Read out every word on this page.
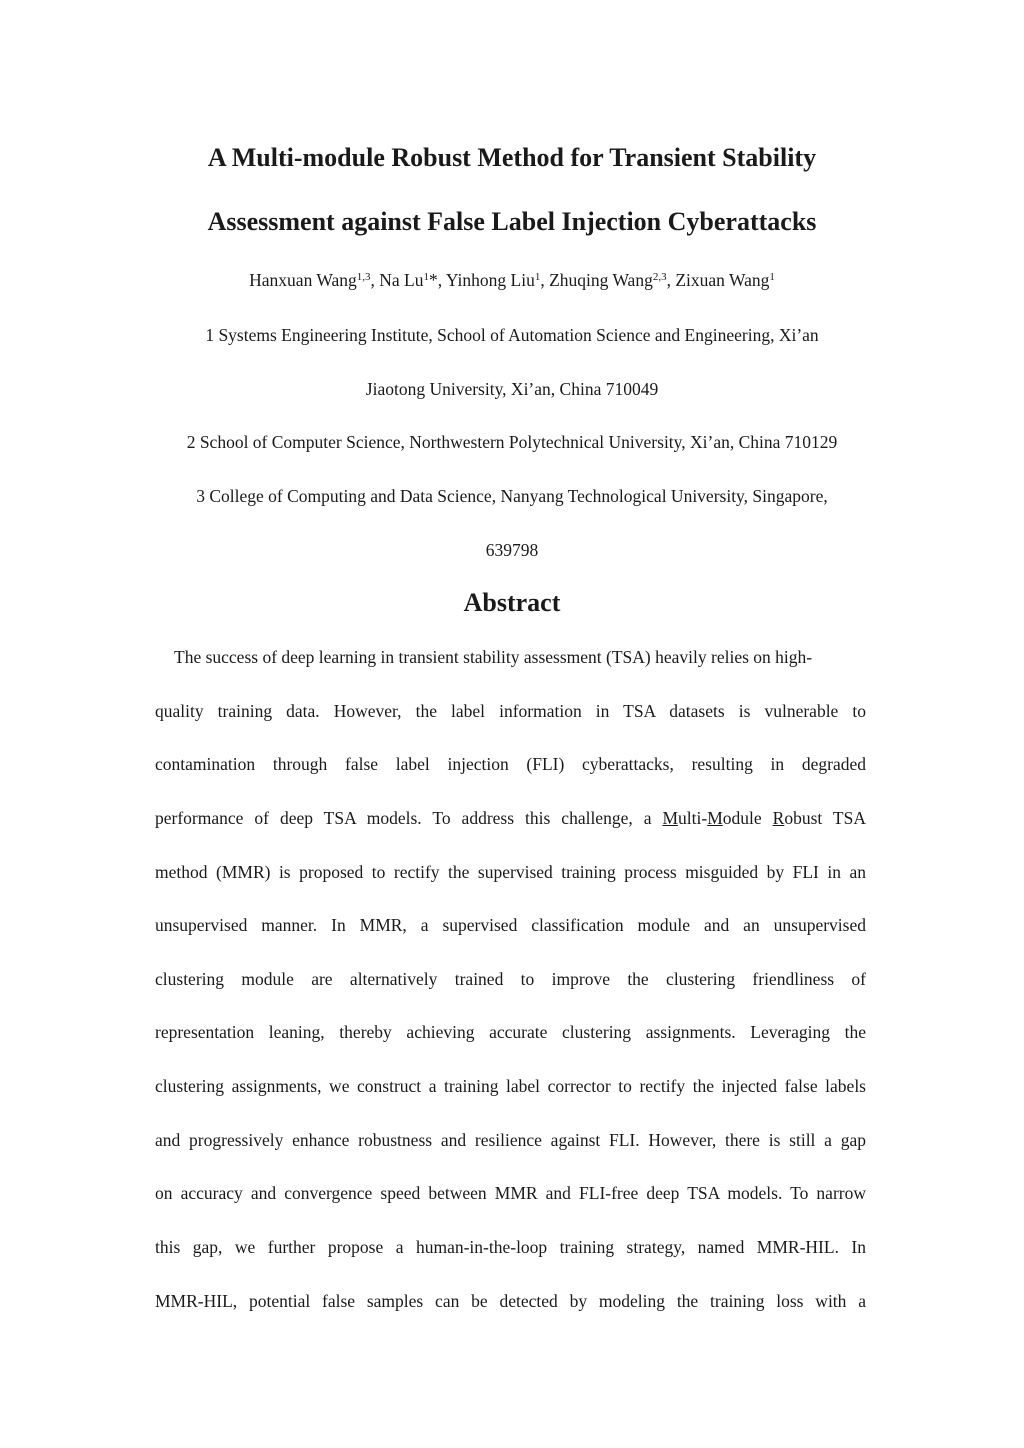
A Multi-module Robust Method for Transient Stability
Assessment against False Label Injection Cyberattacks
Hanxuan Wang$^{1,3}$, Na Lu$^1$*, Yinhong Liu$^1$, Zhuqing Wang$^{2,3}$, Zixuan Wang$^1$
1 Systems Engineering Institute, School of Automation Science and Engineering, Xi’an
Jiaotong University, Xi’an, China 710049
2 School of Computer Science, Northwestern Polytechnical University, Xi’an, China 710129
3 College of Computing and Data Science, Nanyang Technological University, Singapore,
639798
Abstract
The success of deep learning in transient stability assessment (TSA) heavily relies on high-
quality training data. However, the label information in TSA datasets is vulnerable to
contamination through false label injection (FLI) cyberattacks, resulting in degraded
performance of deep TSA models. To address this challenge, a Multi-Module Robust TSA
method (MMR) is proposed to rectify the supervised training process misguided by FLI in an
unsupervised manner. In MMR, a supervised classification module and an unsupervised
clustering module are alternatively trained to improve the clustering friendliness of
representation leaning, thereby achieving accurate clustering assignments. Leveraging the
clustering assignments, we construct a training label corrector to rectify the injected false labels
and progressively enhance robustness and resilience against FLI. However, there is still a gap
on accuracy and convergence speed between MMR and FLI-free deep TSA models. To narrow
this gap, we further propose a human-in-the-loop training strategy, named MMR-HIL. In
MMR-HIL, potential false samples can be detected by modeling the training loss with a
